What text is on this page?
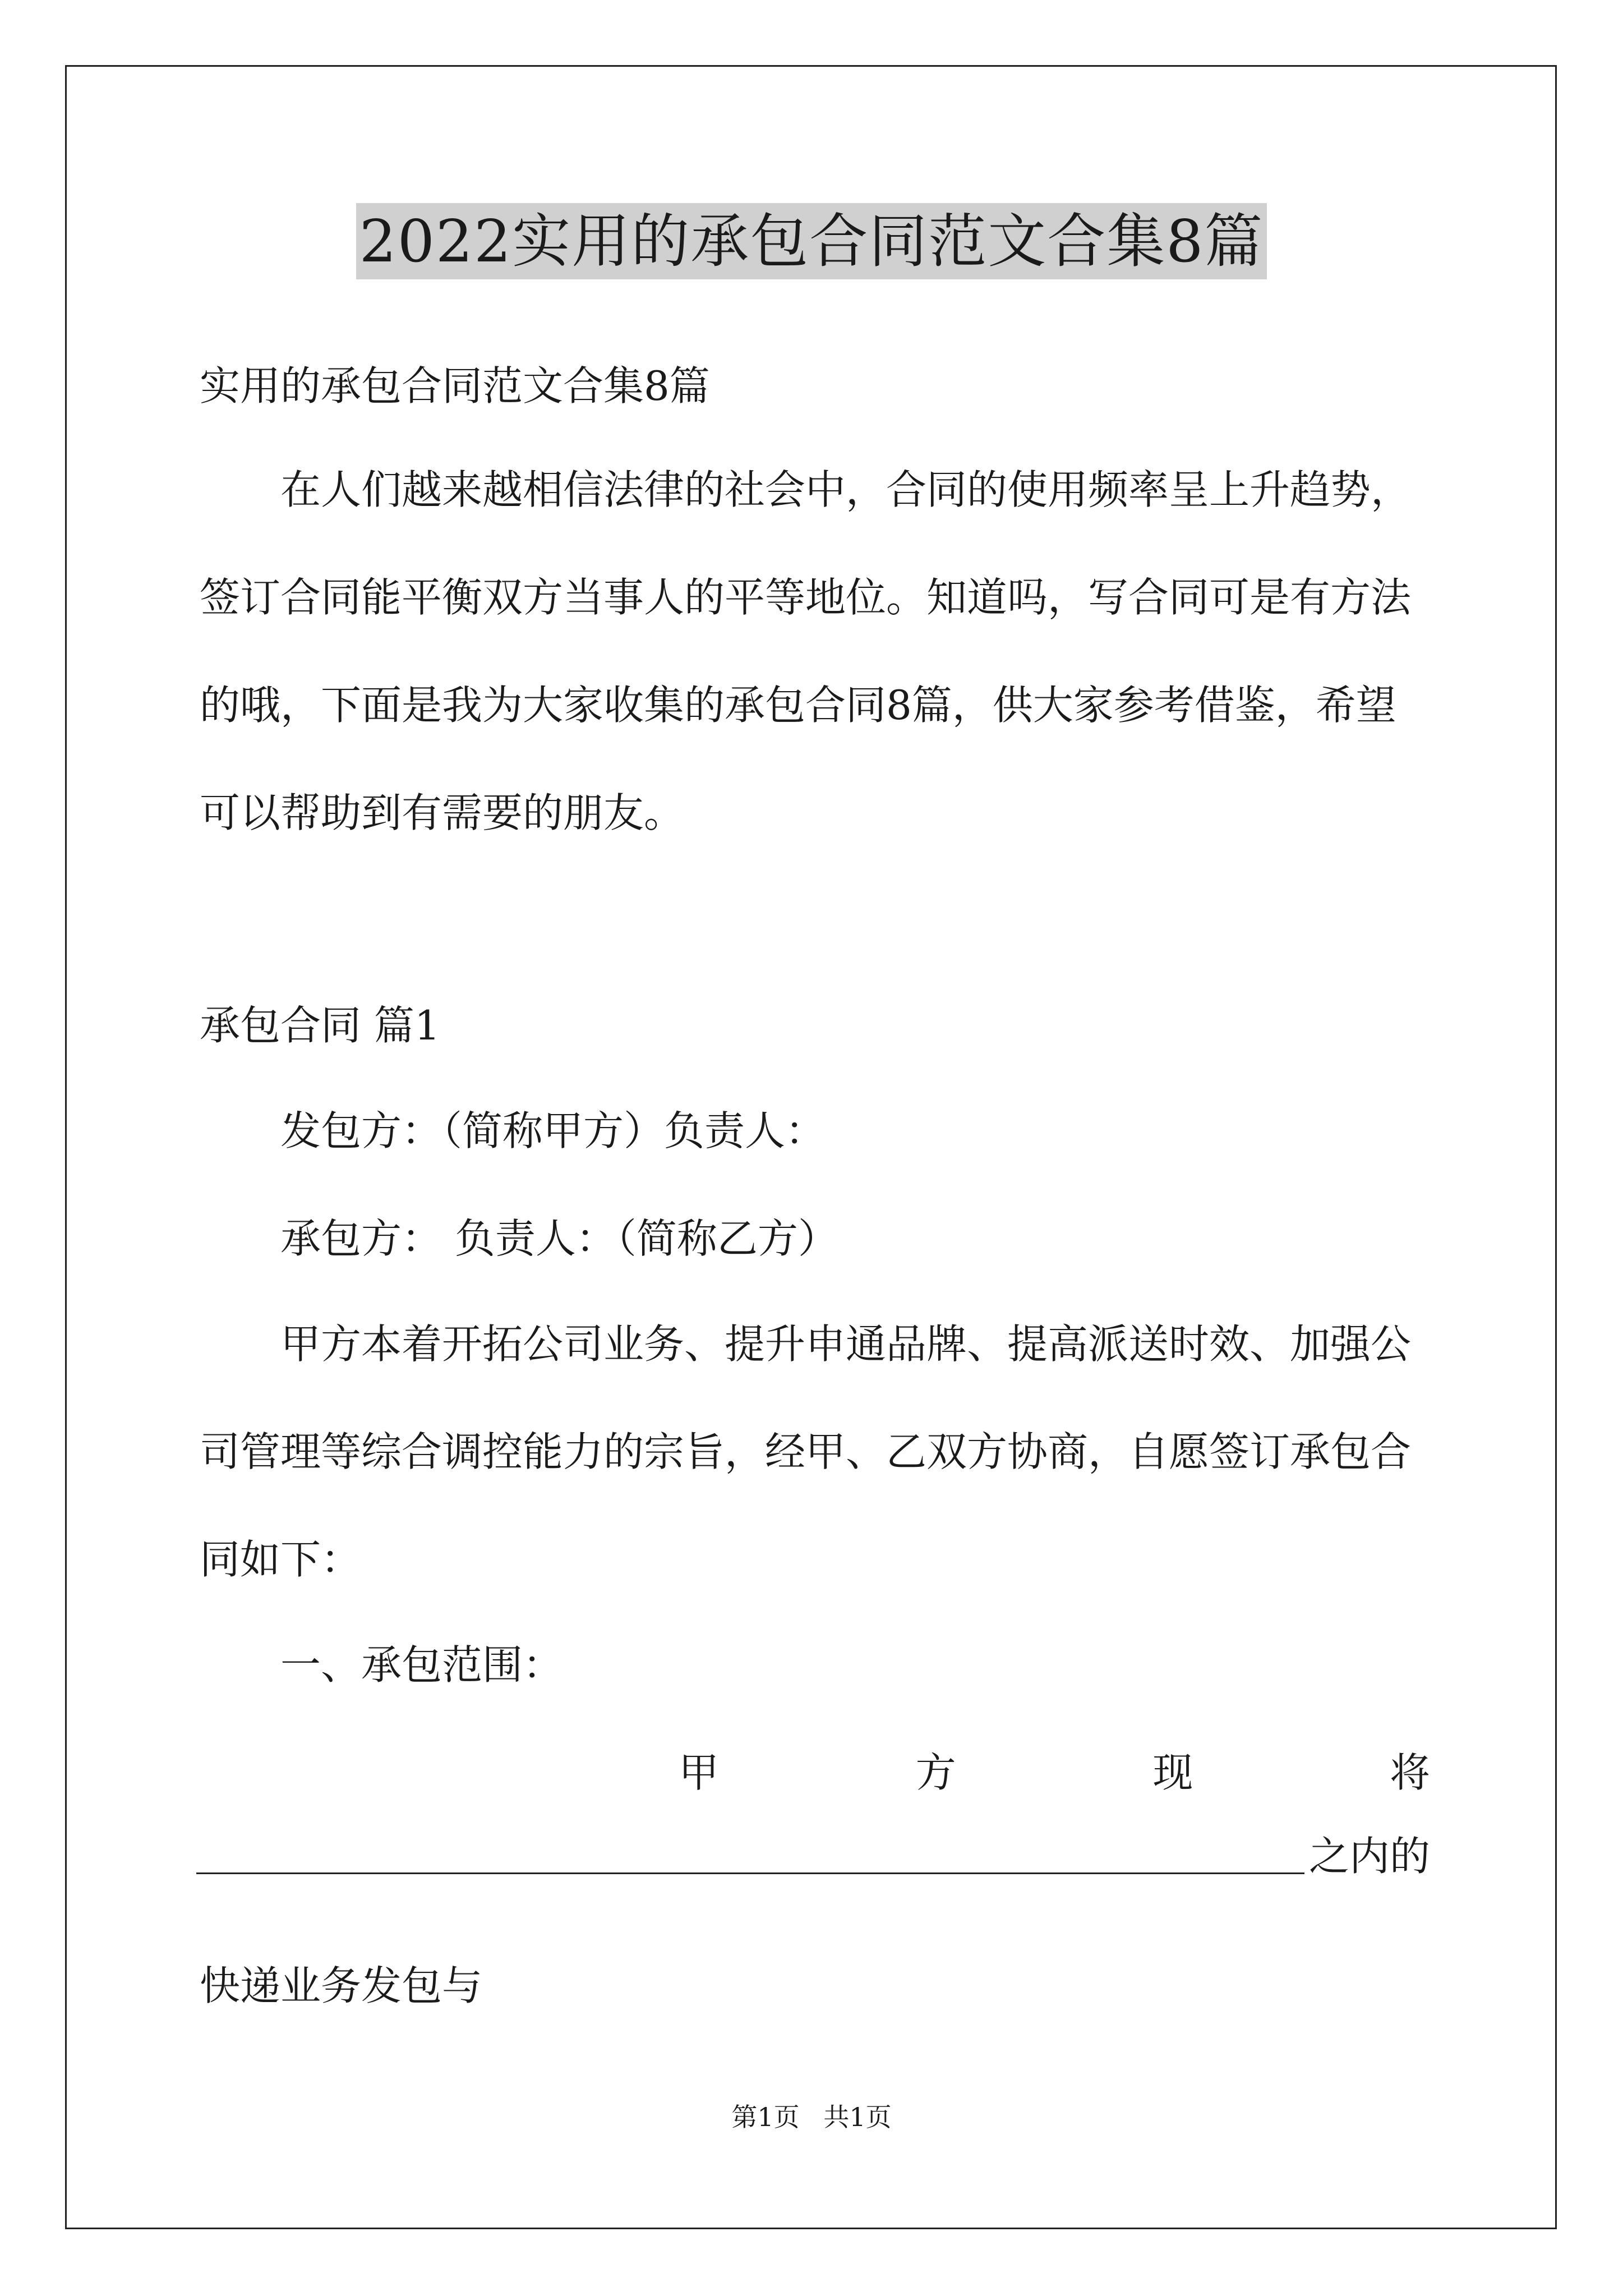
2022实用的承包合同范文合集8篇
实用的承包合同范文合集8篇
在人们越来越相信法律的社会中，合同的使用频率呈上升趋势，
签订合同能平衡双方当事人的平等地位。知道吗，写合同可是有方法
的哦，下面是我为大家收集的承包合同8篇，供大家参考借鉴，希望
可以帮助到有需要的朋友。
承包合同 篇1
发包方：（简称甲方）负责人：
承包方： 负责人：（简称乙方）
甲方本着开拓公司业务、提升申通品牌、提高派送时效、加强公
司管理等综合调控能力的宗旨，经甲、乙双方协商，自愿签订承包合
同如下：
一、承包范围：
甲	方	现	将
之内的
快递业务发包与
第1页 共1页
